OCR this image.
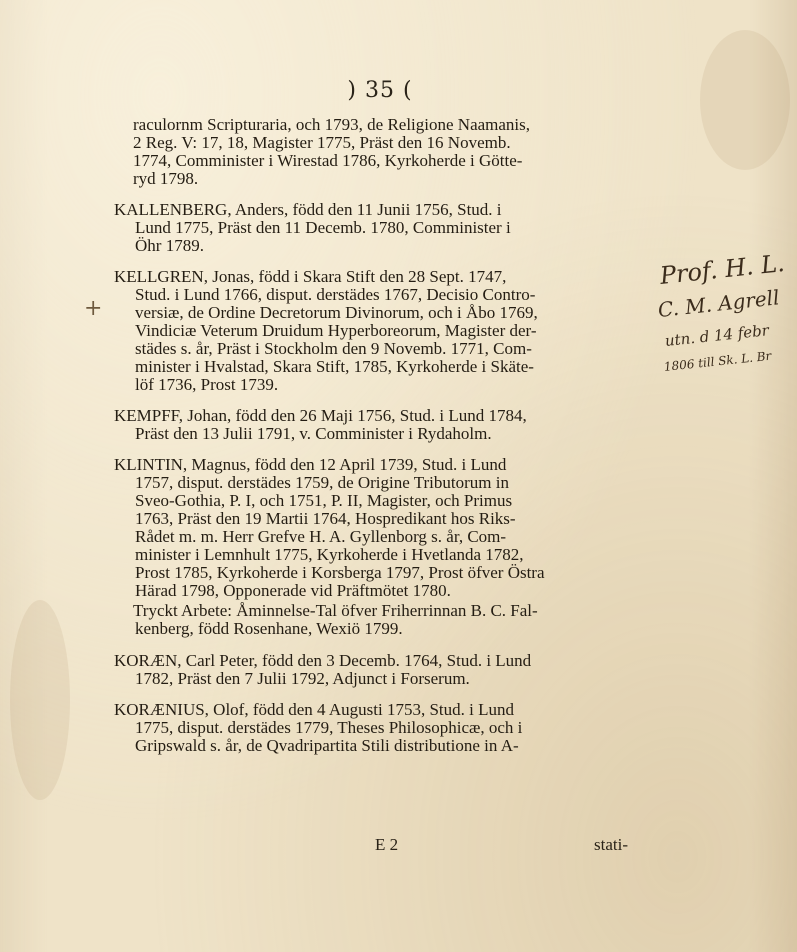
) 35 (
+
Prof. H. L.
C. M. Agrell
utn. d 14 febr
1806 till Sk. L. Br
raculornm Scripturaria, och 1793, de Religione Naamanis,
2 Reg. V: 17, 18, Magister 1775, Präst den 16 Novemb.
1774, Comminister i Wirestad 1786, Kyrkoherde i Götte-
ryd 1798.
KALLENBERG, Anders, född den 11 Junii 1756, Stud. i
Lund 1775, Präst den 11 Decemb. 1780, Comminister i
Öhr 1789.
KELLGREN, Jonas, född i Skara Stift den 28 Sept. 1747,
Stud. i Lund 1766, disput. derstädes 1767, Decisio Contro-
versiæ, de Ordine Decretorum Divinorum, och i Åbo 1769,
Vindiciæ Veterum Druidum Hyperboreorum, Magister der-
städes s. år, Präst i Stockholm den 9 Novemb. 1771, Com-
minister i Hvalstad, Skara Stift, 1785, Kyrkoherde i Skäte-
löf 1736, Prost 1739.
KEMPFF, Johan, född den 26 Maji 1756, Stud. i Lund 1784,
Präst den 13 Julii 1791, v. Comminister i Rydaholm.
KLINTIN, Magnus, född den 12 April 1739, Stud. i Lund
1757, disput. derstädes 1759, de Origine Tributorum in
Sveo-Gothia, P. I, och 1751, P. II, Magister, och Primus
1763, Präst den 19 Martii 1764, Hospredikant hos Riks-
Rådet m. m. Herr Grefve H. A. Gyllenborg s. år, Com-
minister i Lemnhult 1775, Kyrkoherde i Hvetlanda 1782,
Prost 1785, Kyrkoherde i Korsberga 1797, Prost öfver Östra
Härad 1798, Opponerade vid Präftmötet 1780.
Tryckt Arbete: Åminnelse-Tal öfver Friherrinnan B. C. Fal-
kenberg, född Rosenhane, Wexiö 1799.
KORÆN, Carl Peter, född den 3 Decemb. 1764, Stud. i Lund
1782, Präst den 7 Julii 1792, Adjunct i Forserum.
KORÆNIUS, Olof, född den 4 Augusti 1753, Stud. i Lund
1775, disput. derstädes 1779, Theses Philosophicæ, och i
Gripswald s. år, de Qvadripartita Stili distributione in A-
E 2	stati-
